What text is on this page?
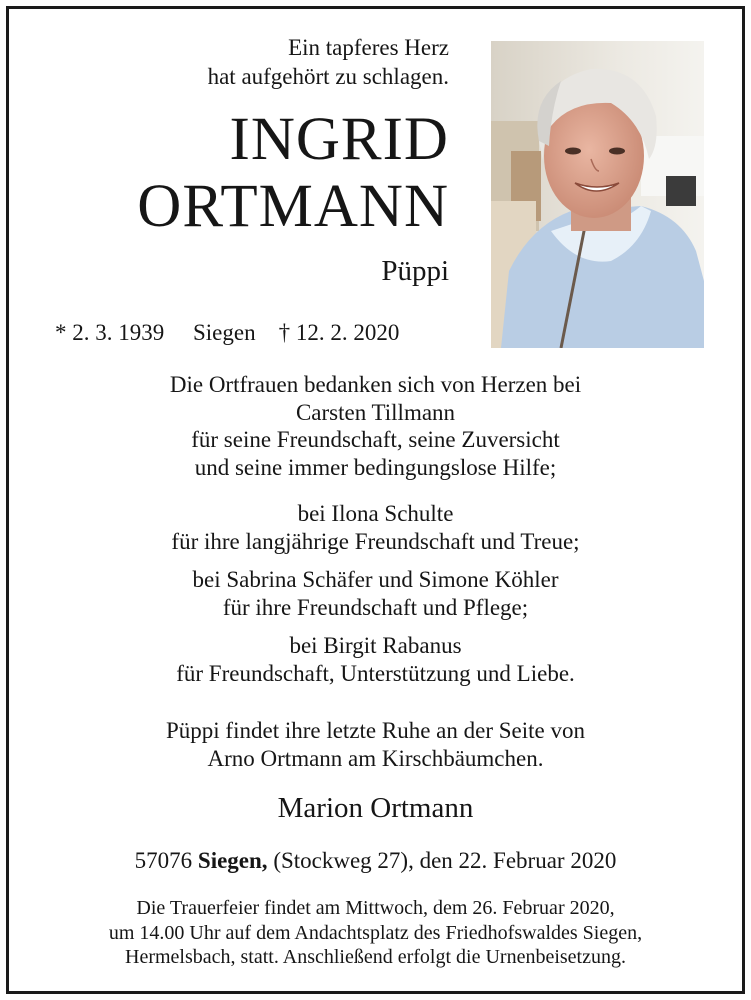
Ein tapferes Herz
hat aufgehört zu schlagen.
INGRID
ORTMANN
Püppi
* 2. 3. 1939 Siegen † 12. 2. 2020
Die Ortfrauen bedanken sich von Herzen bei
Carsten Tillmann
für seine Freundschaft, seine Zuversicht
und seine immer bedingungslose Hilfe;
bei Ilona Schulte
für ihre langjährige Freundschaft und Treue;
bei Sabrina Schäfer und Simone Köhler
für ihre Freundschaft und Pflege;
bei Birgit Rabanus
für Freundschaft, Unterstützung und Liebe.
Püppi findet ihre letzte Ruhe an der Seite von
Arno Ortmann am Kirschbäumchen.
Marion Ortmann
57076 Siegen, (Stockweg 27), den 22. Februar 2020
Die Trauerfeier findet am Mittwoch, dem 26. Februar 2020,
um 14.00 Uhr auf dem Andachtsplatz des Friedhofswaldes Siegen,
Hermelsbach, statt. Anschließend erfolgt die Urnenbeisetzung.
